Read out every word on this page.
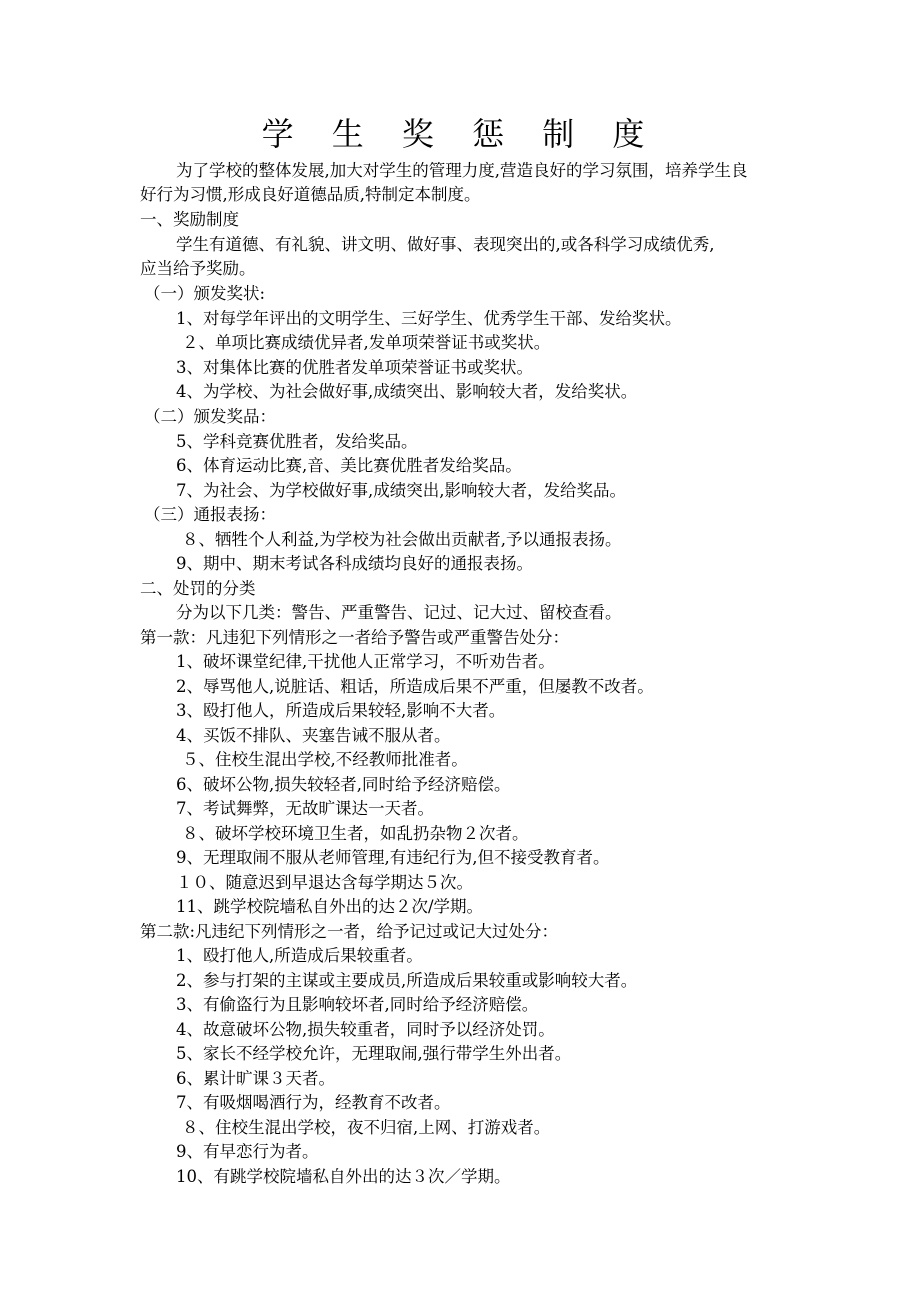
学 生 奖 惩 制 度
为了学校的整体发展,加大对学生的管理力度,营造良好的学习氛围，培养学生良
好行为习惯,形成良好道德品质,特制定本制度。
一、奖励制度
学生有道德、有礼貌、讲文明、做好事、表现突出的,或各科学习成绩优秀,
应当给予奖励。
（一）颁发奖状:
1、对每学年评出的文明学生、三好学生、优秀学生干部、发给奖状。
２、单项比赛成绩优异者,发单项荣誉证书或奖状。
3、对集体比赛的优胜者发单项荣誉证书或奖状。
4、为学校、为社会做好事,成绩突出、影响较大者，发给奖状。
（二）颁发奖品：
5、学科竞赛优胜者，发给奖品。
6、体育运动比赛,音、美比赛优胜者发给奖品。
7、为社会、为学校做好事,成绩突出,影响较大者，发给奖品。
（三）通报表扬：
８、牺牲个人利益,为学校为社会做出贡献者,予以通报表扬。
9、期中、期末考试各科成绩均良好的通报表扬。
二、处罚的分类
分为以下几类：警告、严重警告、记过、记大过、留校查看。
第一款：凡违犯下列情形之一者给予警告或严重警告处分：
1、破坏课堂纪律,干扰他人正常学习，不听劝告者。
2、辱骂他人,说脏话、粗话，所造成后果不严重，但屡教不改者。
3、殴打他人，所造成后果较轻,影响不大者。
4、买饭不排队、夹塞告诫不服从者。
５、住校生混出学校,不经教师批准者。
6、破坏公物,损失较轻者,同时给予经济赔偿。
7、考试舞弊，无故旷课达一天者。
８、破坏学校环境卫生者，如乱扔杂物２次者。
9、无理取闹不服从老师管理,有违纪行为,但不接受教育者。
１０、随意迟到早退达含每学期达５次。
11、跳学校院墙私自外出的达２次/学期。
第二款:凡违纪下列情形之一者，给予记过或记大过处分：
1、殴打他人,所造成后果较重者。
2、参与打架的主谋或主要成员,所造成后果较重或影响较大者。
3、有偷盗行为且影响较坏者,同时给予经济赔偿。
4、故意破坏公物,损失较重者，同时予以经济处罚。
5、家长不经学校允许，无理取闹,强行带学生外出者。
6、累计旷课３天者。
7、有吸烟喝酒行为，经教育不改者。
８、住校生混出学校，夜不归宿,上网、打游戏者。
9、有早恋行为者。
10、有跳学校院墙私自外出的达３次／学期。
